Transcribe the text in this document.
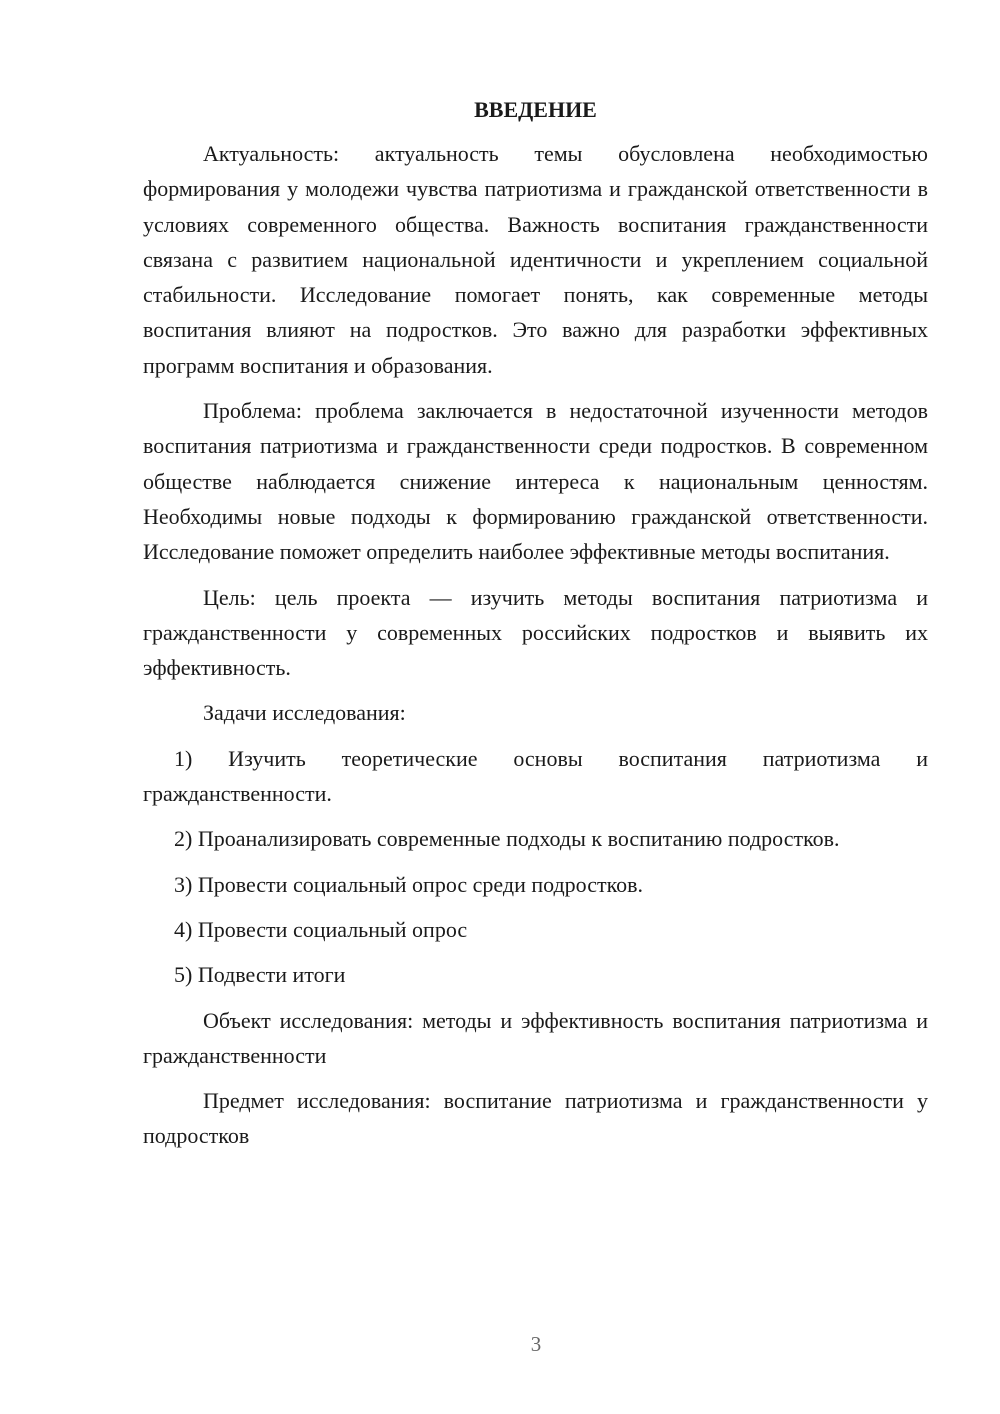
ВВЕДЕНИЕ

Актуальность: актуальность темы обусловлена необходимостью формирования у молодежи чувства патриотизма и гражданской ответственности в условиях современного общества. Важность воспитания гражданственности связана с развитием национальной идентичности и укреплением социальной стабильности. Исследование помогает понять, как современные методы воспитания влияют на подростков. Это важно для разработки эффективных программ воспитания и образования.

Проблема: проблема заключается в недостаточной изученности методов воспитания патриотизма и гражданственности среди подростков. В современном обществе наблюдается снижение интереса к национальным ценностям. Необходимы новые подходы к формированию гражданской ответственности. Исследование поможет определить наиболее эффективные методы воспитания.

Цель: цель проекта — изучить методы воспитания патриотизма и гражданственности у современных российских подростков и выявить их эффективность.

Задачи исследования:

1) Изучить теоретические основы воспитания патриотизма и гражданственности.

2) Проанализировать современные подходы к воспитанию подростков.

3) Провести социальный опрос среди подростков.

4) Провести социальный опрос

5) Подвести итоги

Объект исследования: методы и эффективность воспитания патриотизма и гражданственности

Предмет исследования: воспитание патриотизма и гражданственности у подростков

3
